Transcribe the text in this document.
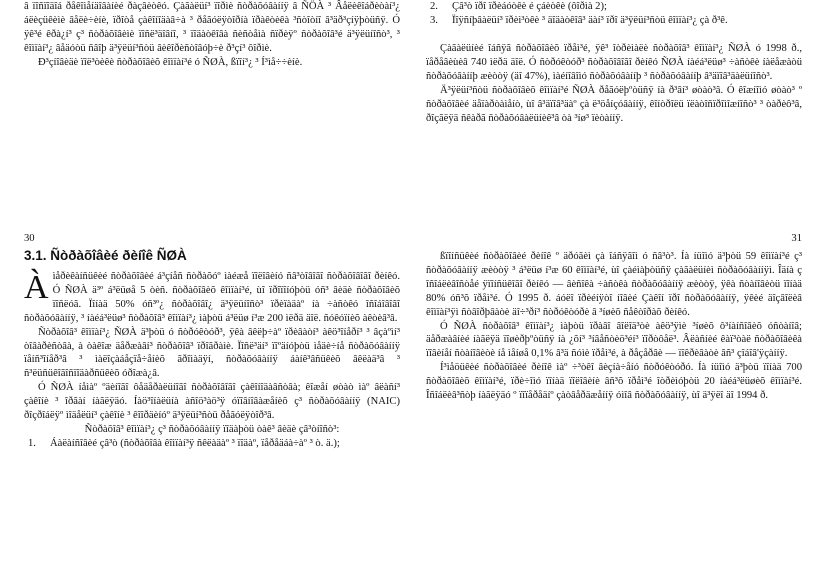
â ïîñïîäîá ðåêîìåíäîâàíèé ðàçâèòêó. Çàãàëüí³ ïîðìè ñòðàõóâàííÿ â ÑÖÀ ³ Âåëèêîáðèòàí³¿ áëèçüêèìè âåëè÷èíè, ïðîòå çàêîíîäàâ÷à ³ ðåãóëÿòîðíà ïðàêòèêà ³ñòîòíî â³äð³çíÿþòüñÿ. Ó ÿê³é êðà¿í³ ç³ ñòðàõîâèìè ïîñë³äîâíî, ³ ïîäàòêîâà ñèñòåìà ñïðèÿº ñòðàõîâ³é ä³ÿëüíîñò³, ³ êîìïàí³¿ âåäóòü ñâîþ ä³ÿëüí³ñòü âèêîðèñòîâóþ÷è ð³çí³ ôîðìè.

Ð³çíîâèäè ïîë³òèêè ñòðàõîâèõ êîìïàí³é ó ÑØÀ, ßïîí³¿ ³ Í³ìå÷÷èíè.

30
3.1. Ñòðàõîâèé ðèíîê ÑØÀ
À ìåðèêàíñüêèé ñòðàõîâèé á³çíåñ ñòðàõóº ìàéæå ïîëîâèíó ñâ³òîâîãî ñòðàõîâîãî ðèíêó. Ó ÑØÀ ä³º á³ëüøå 5 òèñ. ñòðàõîâèõ êîìïàí³é, ùî ïðîïîíóþòü óñ³ âèäè ñòðàõîâèõ ïîñëóã. Ïîíàä 50% óñ³º¿ ñòðàõîâî¿ ä³ÿëüíîñò³ ïðèïàäàº íà ÷àñòêó îñîáîâîãî ñòðàõóâàííÿ, ³ íàéá³ëüø³ ñòðàõîâ³ êîìïàí³¿ ìàþòü á³ëüø í³æ 200 ìëðä äîë. ñóêóïíèõ àêòèâ³â.

Ñòðàõîâ³ êîìïàí³¿ ÑØÀ ä³þòü ó ñòðóêòóð³, ÿêà âêëþ÷àº ïðèâàòí³ àêö³îíåðí³ ³ âçàºìí³ òîâàðèñòâà, à òàêîæ äåðæàâí³ ñòðàõîâ³ ïðîãðàìè. Ïîñë³äí³ ïîºäíóþòü ìåäè÷íå ñòðàõóâàííÿ ïåíñ³îíåð³â ³ ìàëîçàáåçïå÷åíèõ ãðîìàäÿí, ñòðàõóâàííÿ áàíê³âñüêèõ âêëàä³â ³ ñ³ëüñüêîãîñïîäàðñüêèõ óðîæà¿â.

Ó ÑØÀ íåìàº ºäèíîãî ôåäåðàëüíîãî ñòðàõîâîãî çàêîíîäàâñòâà; êîæåí øòàò ìàº âëàñí³ çàêîíè ³ îðãàí íàãëÿäó. Íàö³îíàëüíà àñîö³àö³ÿ óïîâíîâàæåíèõ ç³ ñòðàõóâàííÿ (NAIC) ðîçðîáëÿº ìîäåëüí³ çàêîíè ³ êîîðäèíóº ä³ÿëüí³ñòü ðåãóëÿòîð³â.

Ñòðàõîâ³ êîìïàí³¿ ç³ ñòðàõóâàííÿ ïîäàþòü òàê³ âèäè çâ³òíîñò³:

1.	Áàëàíñîâèé çâ³ò (ñòðàõîâà êîìïàí³ÿ ñêëàäàº ³ ïîäàº, ïåðåäáà÷àº ³ ò. ä.);
2.	Çâ³ò ïðî ïðèáóòêè é çáèòêè (ôîðìà 2);
3.	Ïîÿñíþâàëüí³ ïðèì³òêè ³ äîäàòêîâ³ äàí³ ïðî ä³ÿëüí³ñòü êîìïàí³¿ çà ð³ê.

Çàãàëüíèé îáñÿã ñòðàõîâèõ ïðåì³é, ÿê³ îòðèìàëè ñòðàõîâ³ êîìïàí³¿ ÑØÀ ó 1998 ð., ïåðåâèùèâ 740 ìëðä äîë. Ó ñòðóêòóð³ ñòðàõîâîãî ðèíêó ÑØÀ íàéá³ëüø³ ÷àñòêè íàëåæàòü ñòðàõóâàííþ æèòòÿ (äî 47%), ìàéíîâîìó ñòðàõóâàííþ ³ ñòðàõóâàííþ â³äïîâ³äàëüíîñò³.

Ä³ÿëüí³ñòü ñòðàõîâèõ êîìïàí³é ÑØÀ ðåãóëþºòüñÿ íà ð³âí³ øòàò³â. Ó êîæíîìó øòàò³ º ñòðàõîâèé äåïàðòàìåíò, ùî â³äïîâ³äàº çà ë³öåíçóâàííÿ, êîíòðîëü ïëàòîñïðîìîæíîñò³ ³ òàðèô³â, ðîçãëÿä ñêàðã ñòðàõóâàëüíèê³â òà ³íø³ ïèòàííÿ.

31

ßïîíñüêèé ñòðàõîâèé ðèíîê º äðóãèì çà îáñÿãîì ó ñâ³ò³. Íà íüîìó ä³þòü 59 êîìïàí³é ç³ ñòðàõóâàííÿ æèòòÿ ³ á³ëüø í³æ 60 êîìïàí³é, ùî çàéìàþòüñÿ çàãàëüíèì ñòðàõóâàííÿì. Îäíà ç îñîáëèâîñòåé ÿïîíñüêîãî ðèíêó — âèñîêà ÷àñòêà ñòðàõóâàííÿ æèòòÿ, ÿêà ñòàíîâèòü ïîíàä 80% óñ³õ ïðåì³é. Ó 1995 ð. áóëî ïðèéíÿòî íîâèé Çàêîí ïðî ñòðàõóâàííÿ, ÿêèé äîçâîëèâ êîìïàí³ÿì ñòâîðþâàòè äî÷³ðí³ ñòðóêòóðè â ³íøèõ ñåêòîðàõ ðèíêó.

Ó ÑØÀ ñòðàõîâ³ êîìïàí³¿ ìàþòü ïðàâî âîëîä³òè àêö³ÿìè ³íøèõ ô³íàíñîâèõ óñòàíîâ; äåðæàâíèé íàãëÿä ïîøèðþºòüñÿ íà ¿õí³ ³íâåñòèö³éí³ ïîðòôåë³. Âëàñíèé êàï³òàë ñòðàõîâèêà ïîâèíåí ñòàíîâèòè íå ìåíøå 0,1% â³ä ñóìè ïðåì³é, à ðåçåðâè — ïîêðèâàòè âñ³ çîáîâ'ÿçàííÿ.

Í³ìåöüêèé ñòðàõîâèé ðèíîê ìàº ÷³òêî âèçíà÷åíó ñòðóêòóðó. Íà íüîìó ä³þòü ïîíàä 700 ñòðàõîâèõ êîìïàí³é, ïðè÷îìó ïîíàä ïîëîâèíè âñ³õ ïðåì³é îòðèìóþòü 20 íàéá³ëüøèõ êîìïàí³é. Îñîáëèâ³ñòþ íàãëÿäó º ïîïåðåäíº çàòâåðäæåííÿ óìîâ ñòðàõóâàííÿ, ùî ä³ÿëî äî 1994 ð.
